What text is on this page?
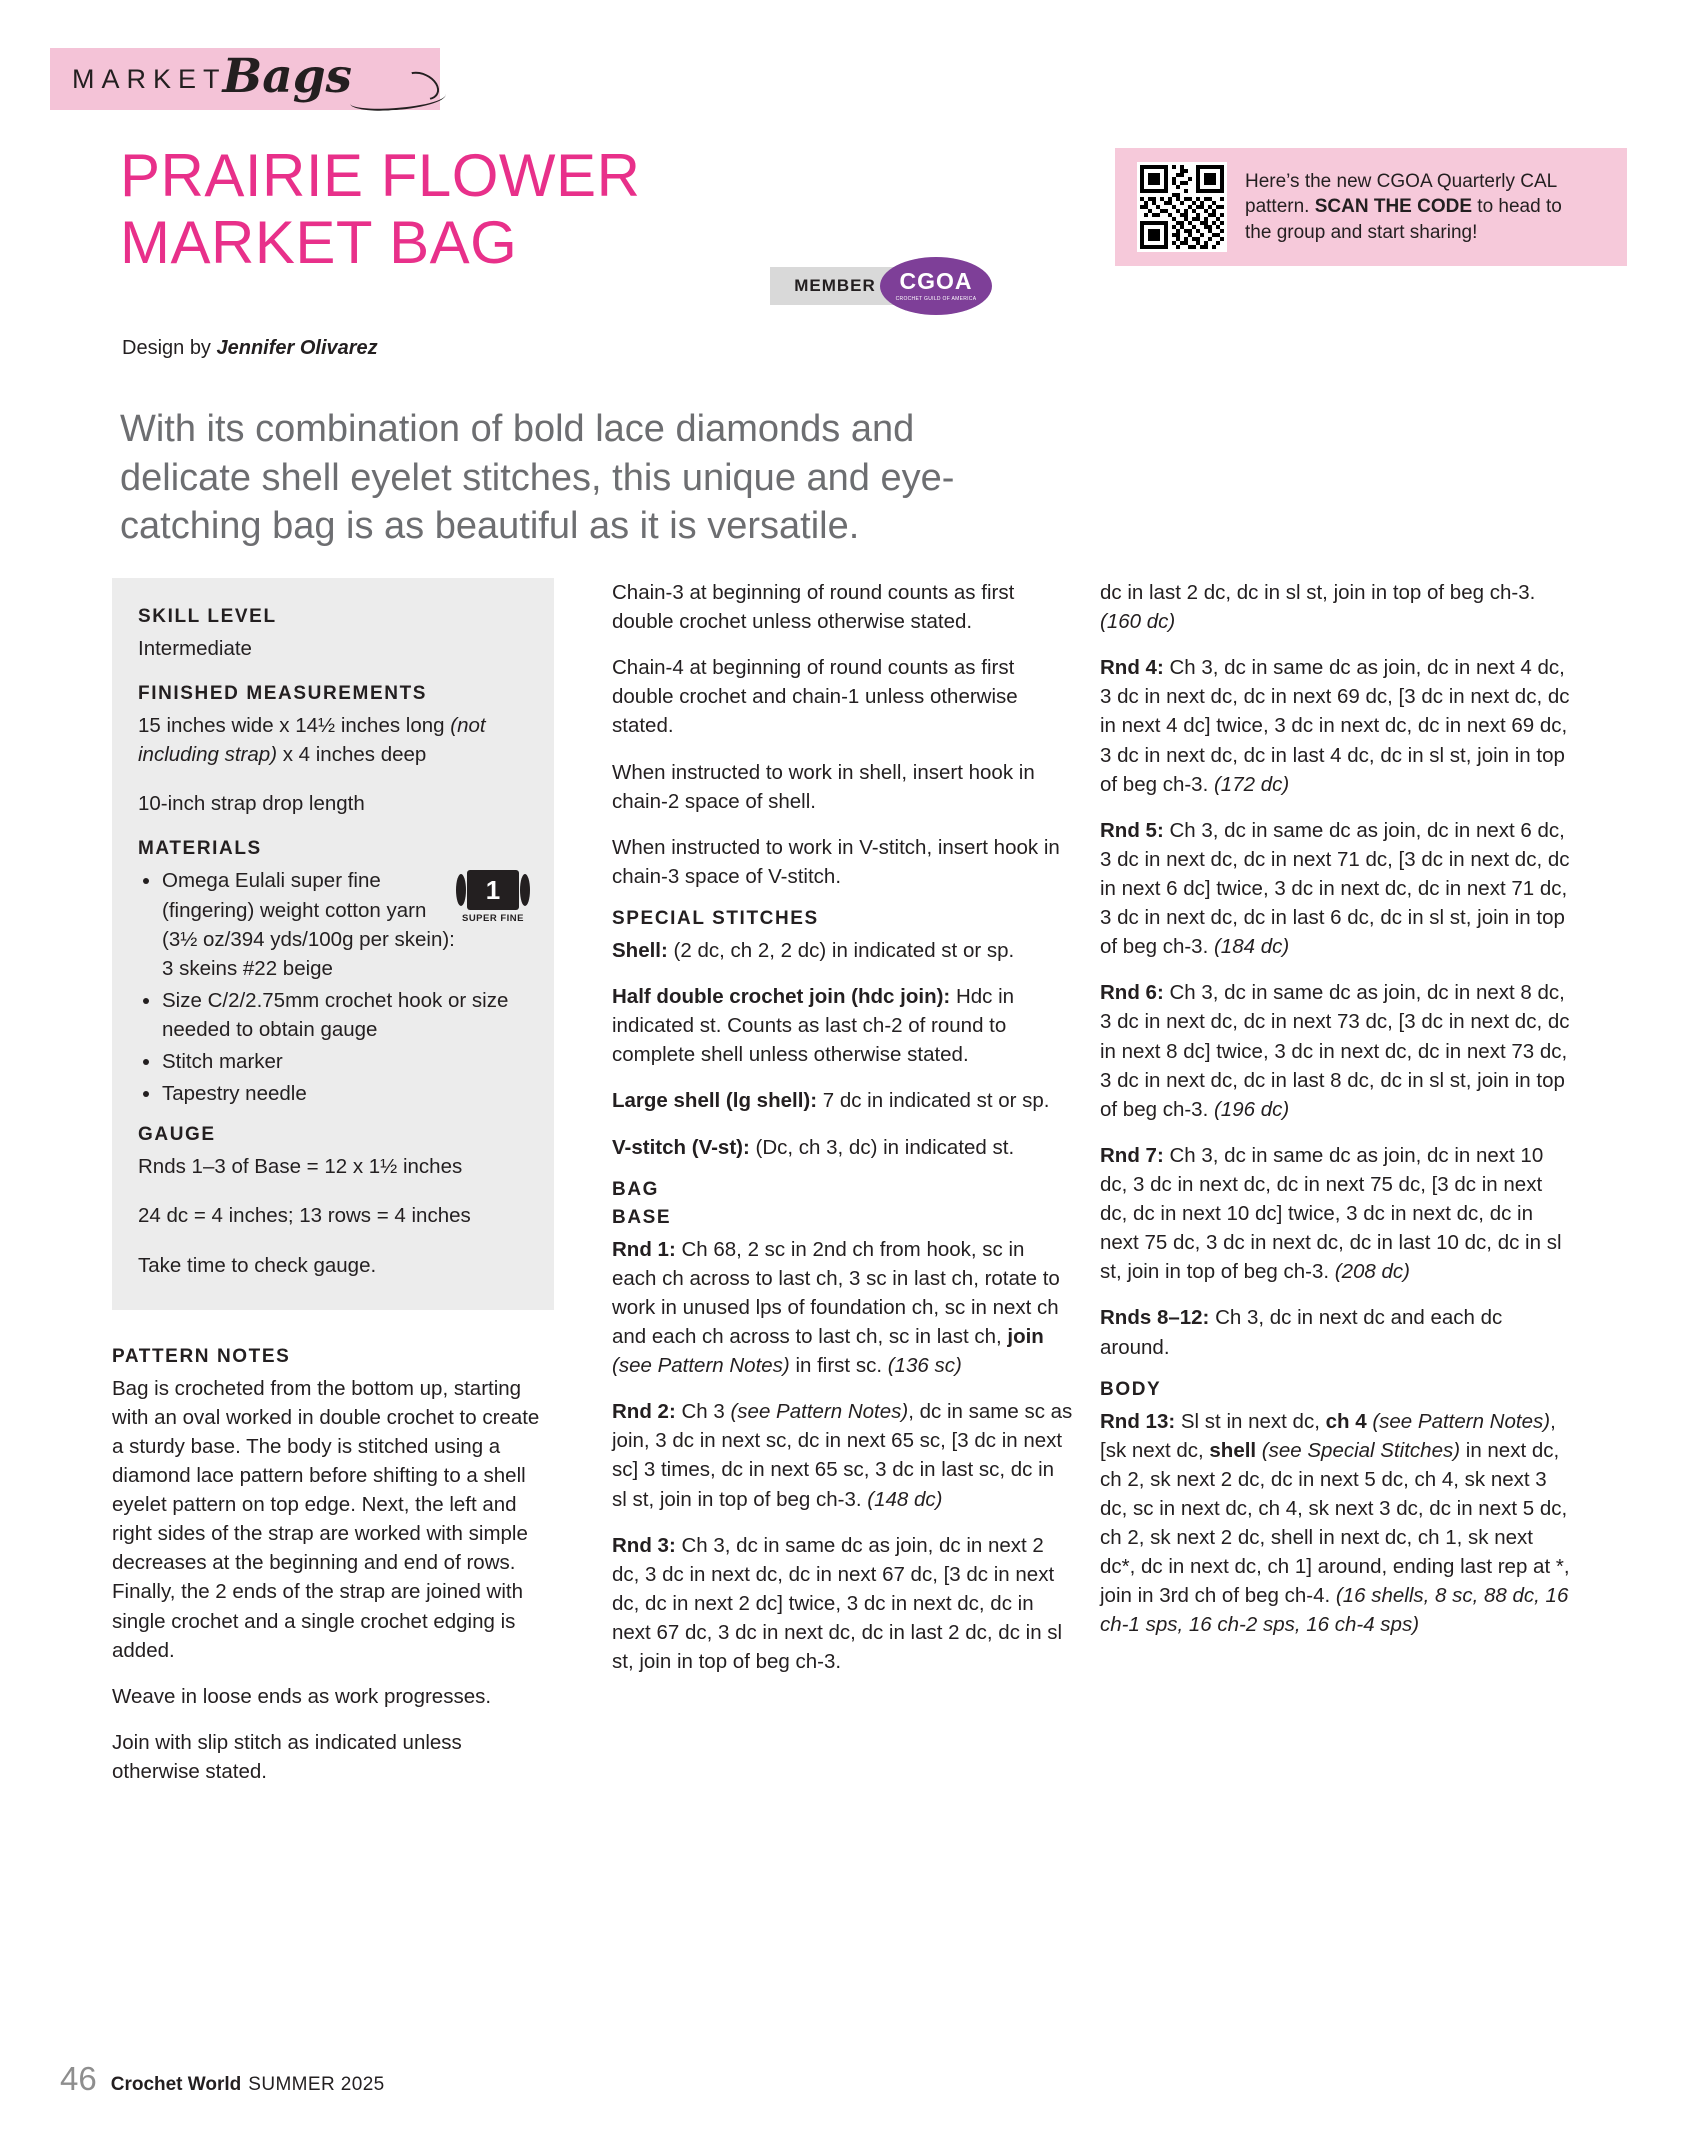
MARKET
Bags
PRAIRIE FLOWER
MARKET BAG
Design by Jennifer Olivarez
MEMBER	CGOA
CROCHET GUILD OF AMERICA
Here’s the new CGOA Quarterly CAL pattern. SCAN THE CODE to head to the group and start sharing!
With its combination of bold lace diamonds and delicate shell eyelet stitches, this unique and eye-catching bag is as beautiful as it is versatile.
SKILL LEVEL

Intermediate

FINISHED MEASUREMENTS

15 inches wide x 14½ inches long (not including strap) x 4 inches deep

10-inch strap drop length

MATERIALS
1
SUPER FINE
• Omega Eulali super fine (fingering) weight cotton yarn (3½ oz/394 yds/100g per skein): 3 skeins #22 beige
• Size C/2/2.75mm crochet hook or size needed to obtain gauge
• Stitch marker
• Tapestry needle
GAUGE

Rnds 1–3 of Base = 12 x 1½ inches

24 dc = 4 inches; 13 rows = 4 inches

Take time to check gauge.

PATTERN NOTES

Bag is crocheted from the bottom up, starting with an oval worked in double crochet to create a sturdy base. The body is stitched using a diamond lace pattern before shifting to a shell eyelet pattern on top edge. Next, the left and right sides of the strap are worked with simple decreases at the beginning and end of rows. Finally, the 2 ends of the strap are joined with single crochet and a single crochet edging is added.

Weave in loose ends as work progresses.

Join with slip stitch as indicated unless otherwise stated.

Chain-3 at beginning of round counts as first double crochet unless otherwise stated.

Chain-4 at beginning of round counts as first double crochet and chain-1 unless otherwise stated.

When instructed to work in shell, insert hook in chain-2 space of shell.

When instructed to work in V-stitch, insert hook in chain-3 space of V-stitch.

SPECIAL STITCHES

Shell: (2 dc, ch 2, 2 dc) in indicated st or sp.

Half double crochet join (hdc join): Hdc in indicated st. Counts as last ch-2 of round to complete shell unless otherwise stated.

Large shell (lg shell): 7 dc in indicated st or sp.

V-stitch (V-st): (Dc, ch 3, dc) in indicated st.

BAG
BASE

Rnd 1: Ch 68, 2 sc in 2nd ch from hook, sc in each ch across to last ch, 3 sc in last ch, rotate to work in unused lps of foundation ch, sc in next ch and each ch across to last ch, sc in last ch, join (see Pattern Notes) in first sc. (136 sc)

Rnd 2: Ch 3 (see Pattern Notes), dc in same sc as join, 3 dc in next sc, dc in next 65 sc, [3 dc in next sc] 3 times, dc in next 65 sc, 3 dc in last sc, dc in sl st, join in top of beg ch-3. (148 dc)

Rnd 3: Ch 3, dc in same dc as join, dc in next 2 dc, 3 dc in next dc, dc in next 67 dc, [3 dc in next dc, dc in next 2 dc] twice, 3 dc in next dc, dc in next 67 dc, 3 dc in next dc, dc in last 2 dc, dc in sl st, join in top of beg ch-3.

dc in last 2 dc, dc in sl st, join in top of beg ch-3. (160 dc)

Rnd 4: Ch 3, dc in same dc as join, dc in next 4 dc, 3 dc in next dc, dc in next 69 dc, [3 dc in next dc, dc in next 4 dc] twice, 3 dc in next dc, dc in next 69 dc, 3 dc in next dc, dc in last 4 dc, dc in sl st, join in top of beg ch-3. (172 dc)

Rnd 5: Ch 3, dc in same dc as join, dc in next 6 dc, 3 dc in next dc, dc in next 71 dc, [3 dc in next dc, dc in next 6 dc] twice, 3 dc in next dc, dc in next 71 dc, 3 dc in next dc, dc in last 6 dc, dc in sl st, join in top of beg ch-3. (184 dc)

Rnd 6: Ch 3, dc in same dc as join, dc in next 8 dc, 3 dc in next dc, dc in next 73 dc, [3 dc in next dc, dc in next 8 dc] twice, 3 dc in next dc, dc in next 73 dc, 3 dc in next dc, dc in last 8 dc, dc in sl st, join in top of beg ch-3. (196 dc)

Rnd 7: Ch 3, dc in same dc as join, dc in next 10 dc, 3 dc in next dc, dc in next 75 dc, [3 dc in next dc, dc in next 10 dc] twice, 3 dc in next dc, dc in next 75 dc, 3 dc in next dc, dc in last 10 dc, dc in sl st, join in top of beg ch-3. (208 dc)

Rnds 8–12: Ch 3, dc in next dc and each dc around.

BODY

Rnd 13: Sl st in next dc, ch 4 (see Pattern Notes), [sk next dc, shell (see Special Stitches) in next dc, ch 2, sk next 2 dc, dc in next 5 dc, ch 4, sk next 3 dc, sc in next dc, ch 4, sk next 3 dc, dc in next 5 dc, ch 2, sk next 2 dc, shell in next dc, ch 1, sk next dc*, dc in next dc, ch 1] around, ending last rep at *, join in 3rd ch of beg ch-4. (16 shells, 8 sc, 88 dc, 16 ch-1 sps, 16 ch-2 sps, 16 ch-4 sps)

46 Crochet World SUMMER 2025
